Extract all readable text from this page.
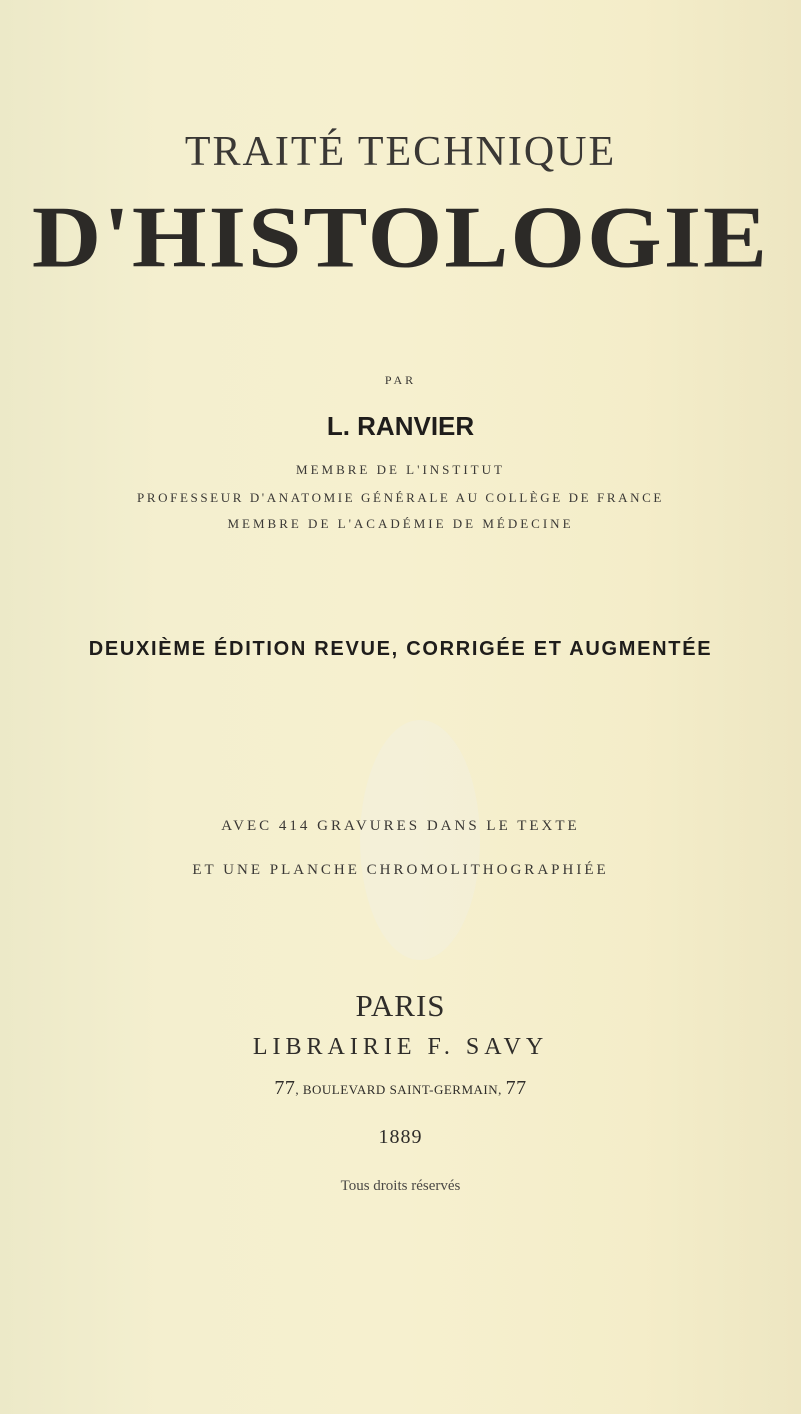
TRAITÉ TECHNIQUE
D'HISTOLOGIE
PAR
L. RANVIER
MEMBRE DE L'INSTITUT
PROFESSEUR D'ANATOMIE GÉNÉRALE AU COLLÈGE DE FRANCE
MEMBRE DE L'ACADÉMIE DE MÉDECINE
DEUXIÈME ÉDITION REVUE, CORRIGÉE ET AUGMENTÉE
AVEC 414 GRAVURES DANS LE TEXTE
ET UNE PLANCHE CHROMOLITHOGRAPHIÉE
PARIS
LIBRAIRIE F. SAVY
77, BOULEVARD SAINT-GERMAIN, 77
1889
Tous droits réservés
